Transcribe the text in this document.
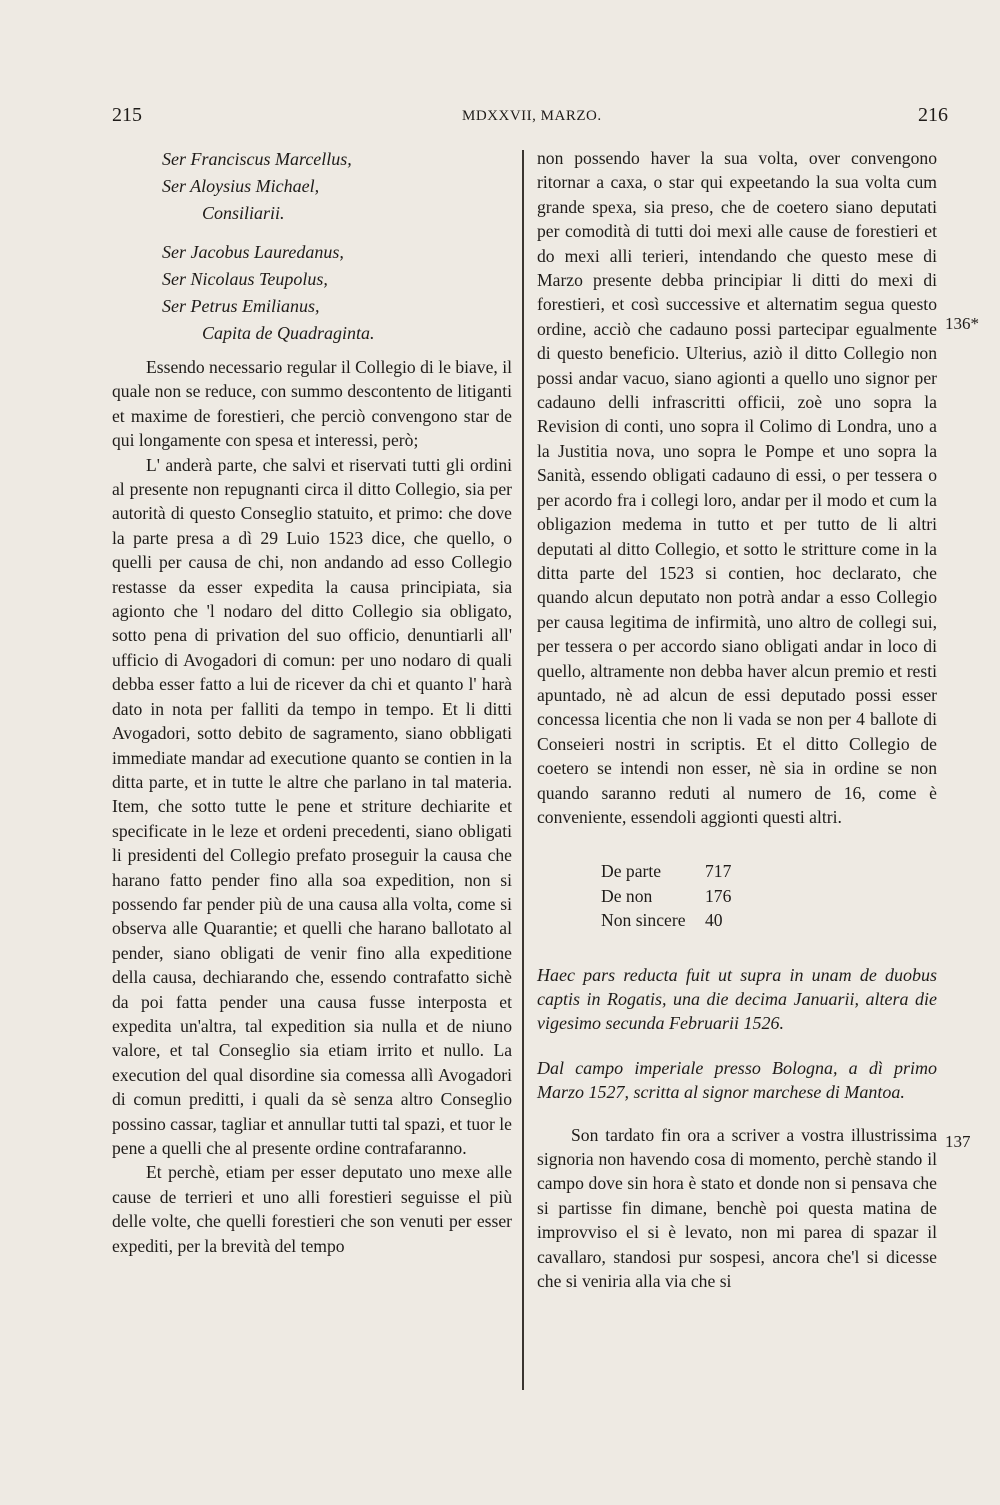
215	MDXXVII, MARZO.	216
Ser Franciscus Marcellus,
Ser Aloysius Michael,
Consiliarii.
Ser Jacobus Lauredanus,
Ser Nicolaus Teupolus,
Ser Petrus Emilianus,
Capita de Quadraginta.

Essendo necessario regular il Collegio di le biave, il quale non se reduce, con summo descontento de litiganti et maxime de forestieri, che perciò convengono star de qui longamente con spesa et interessi, però;

L' anderà parte, che salvi et riservati tutti gli ordini al presente non repugnanti circa il ditto Collegio, sia per autorità di questo Conseglio statuito, et primo: che dove la parte presa a dì 29 Luio 1523 dice, che quello, o quelli per causa de chi, non andando ad esso Collegio restasse da esser expedita la causa principiata, sia agionto che 'l nodaro del ditto Collegio sia obligato, sotto pena di privation del suo officio, denuntiarli all' ufficio di Avogadori di comun: per uno nodaro di quali debba esser fatto a lui de ricever da chi et quanto l' harà dato in nota per falliti da tempo in tempo. Et li ditti Avogadori, sotto debito de sagramento, siano obbligati immediate mandar ad executione quanto se contien in la ditta parte, et in tutte le altre che parlano in tal materia. Item, che sotto tutte le pene et striture dechiarite et specificate in le leze et ordeni precedenti, siano obligati li presidenti del Collegio prefato proseguir la causa che harano fatto pender fino alla soa expedition, non si possendo far pender più de una causa alla volta, come si observa alle Quarantie; et quelli che harano ballotato al pender, siano obligati de venir fino alla expeditione della causa, dechiarando che, essendo contrafatto sichè da poi fatta pender una causa fusse interposta et expedita un'altra, tal expedition sia nulla et de niuno valore, et tal Conseglio sia etiam irrito et nullo. La execution del qual disordine sia comessa allì Avogadori di comun preditti, i quali da sè senza altro Conseglio possino cassar, tagliar et annullar tutti tal spazi, et tuor le pene a quelli che al presente ordine contrafaranno.

Et perchè, etiam per esser deputato uno mexe alle cause de terrieri et uno alli forestieri seguisse el più delle volte, che quelli forestieri che son venuti per esser expediti, per la brevità del tempo

non possendo haver la sua volta, over convengono ritornar a caxa, o star qui expeetando la sua volta cum grande spexa, sia preso, che de coetero siano deputati per comodità di tutti doi mexi alle cause de forestieri et do mexi alli terieri, intendando che questo mese di Marzo presente debba principiar li ditti do mexi di forestieri, et così successive et alternatim segua questo ordine, acciò che cadauno possi partecipar egualmente di questo beneficio. Ulterius, aziò il ditto Collegio non possi andar vacuo, siano agionti a quello uno signor per cadauno delli infrascritti officii, zoè uno sopra la Revision di conti, uno sopra il Colimo di Londra, uno a la Justitia nova, uno sopra le Pompe et uno sopra la Sanità, essendo obligati cadauno di essi, o per tessera o per acordo fra i collegi loro, andar per il modo et cum la obligazion medema in tutto et per tutto de li altri deputati al ditto Collegio, et sotto le stritture come in la ditta parte del 1523 si contien, hoc declarato, che quando alcun deputato non potrà andar a esso Collegio per causa legitima de infirmità, uno altro de collegi sui, per tessera o per accordo siano obligati andar in loco di quello, altramente non debba haver alcun premio et resti apuntado, nè ad alcun de essi deputado possi esser concessa licentia che non li vada se non per 4 ballote di Conseieri nostri in scriptis. Et el ditto Collegio de coetero se intendi non esser, nè sia in ordine se non quando saranno reduti al numero de 16, come è conveniente, essendoli aggionti questi altri.

De parte	717
De non	176
Non sincere	40

Haec pars reducta fuit ut supra in unam de duobus captis in Rogatis, una die decima Januarii, altera die vigesimo secunda Februarii 1526.

Dal campo imperiale presso Bologna, a dì primo Marzo 1527, scritta al signor marchese di Mantoa.

Son tardato fin ora a scriver a vostra illustrissima signoria non havendo cosa di momento, perchè stando il campo dove sin hora è stato et donde non si pensava che si partisse fin dimane, benchè poi questa matina de improvviso el si è levato, non mi parea di spazar il cavallaro, standosi pur sospesi, ancora che'l si dicesse che si veniria alla via che si

136*
137
